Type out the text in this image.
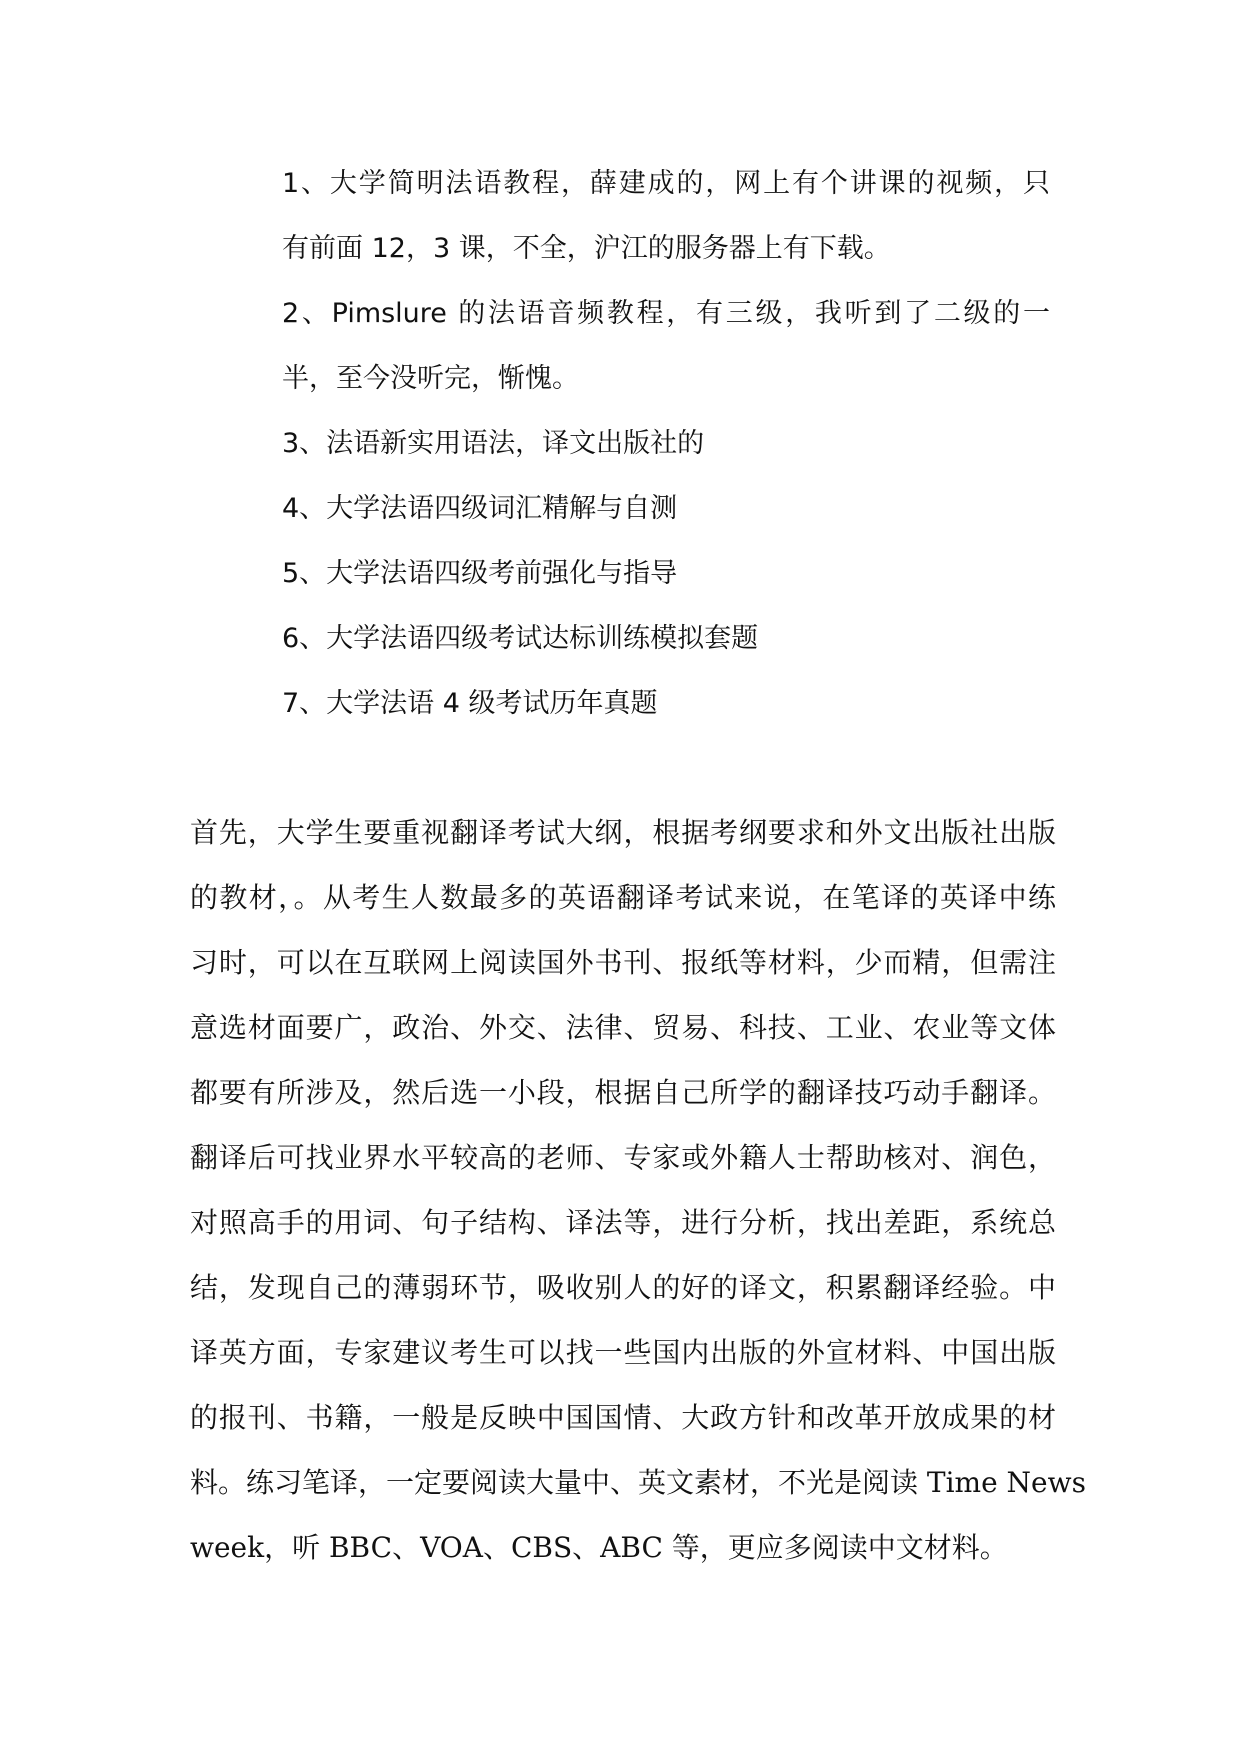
1、大学简明法语教程，薛建成的，网上有个讲课的视频，只
有前面 12，3 课，不全，沪江的服务器上有下载。
2、Pimslure 的法语音频教程，有三级，我听到了二级的一
半，至今没听完，惭愧。
3、法语新实用语法，译文出版社的
4、大学法语四级词汇精解与自测
5、大学法语四级考前强化与指导
6、大学法语四级考试达标训练模拟套题
7、大学法语 4 级考试历年真题
首先，大学生要重视翻译考试大纲，根据考纲要求和外文出版社出版
的教材，。从考生人数最多的英语翻译考试来说，在笔译的英译中练
习时，可以在互联网上阅读国外书刊、报纸等材料，少而精，但需注
意选材面要广，政治、外交、法律、贸易、科技、工业、农业等文体
都要有所涉及，然后选一小段，根据自己所学的翻译技巧动手翻译。
翻译后可找业界水平较高的老师、专家或外籍人士帮助核对、润色，
对照高手的用词、句子结构、译法等，进行分析，找出差距，系统总
结，发现自己的薄弱环节，吸收别人的好的译文，积累翻译经验。中
译英方面，专家建议考生可以找一些国内出版的外宣材料、中国出版
的报刊、书籍，一般是反映中国国情、大政方针和改革开放成果的材
料。练习笔译，一定要阅读大量中、英文素材，不光是阅读 Time News
week，听 BBC、VOA、CBS、ABC 等，更应多阅读中文材料。
